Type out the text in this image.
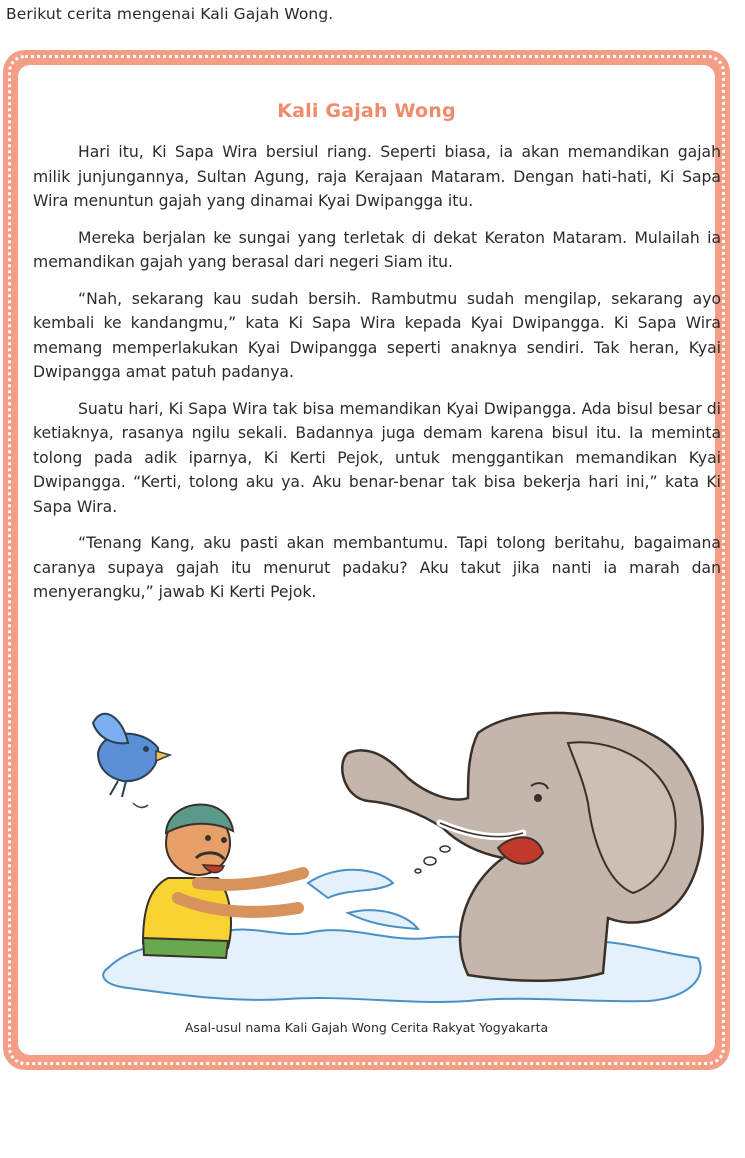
Berikut cerita mengenai Kali Gajah Wong.
Kali Gajah Wong

Hari itu, Ki Sapa Wira bersiul riang. Seperti biasa, ia akan memandikan gajah milik junjungannya, Sultan Agung, raja Kerajaan Mataram. Dengan hati-hati, Ki Sapa Wira menuntun gajah yang dinamai Kyai Dwipangga itu.

Mereka berjalan ke sungai yang terletak di dekat Keraton Mataram. Mulailah ia memandikan gajah yang berasal dari negeri Siam itu.

“Nah, sekarang kau sudah bersih. Rambutmu sudah mengilap, sekarang ayo kembali ke kandangmu,” kata Ki Sapa Wira kepada Kyai Dwipangga. Ki Sapa Wira memang memperlakukan Kyai Dwipangga seperti anaknya sendiri. Tak heran, Kyai Dwipangga amat patuh padanya.

Suatu hari, Ki Sapa Wira tak bisa memandikan Kyai Dwipangga. Ada bisul besar di ketiaknya, rasanya ngilu sekali. Badannya juga demam karena bisul itu. Ia meminta tolong pada adik iparnya, Ki Kerti Pejok, untuk menggantikan memandikan Kyai Dwipangga. “Kerti, tolong aku ya. Aku benar-benar tak bisa bekerja hari ini,” kata Ki Sapa Wira.

“Tenang Kang, aku pasti akan membantumu. Tapi tolong beritahu, bagaimana caranya supaya gajah itu menurut padaku? Aku takut jika nanti ia marah dan menyerangku,” jawab Ki Kerti Pejok.

Asal-usul nama Kali Gajah Wong Cerita Rakyat Yogyakarta
